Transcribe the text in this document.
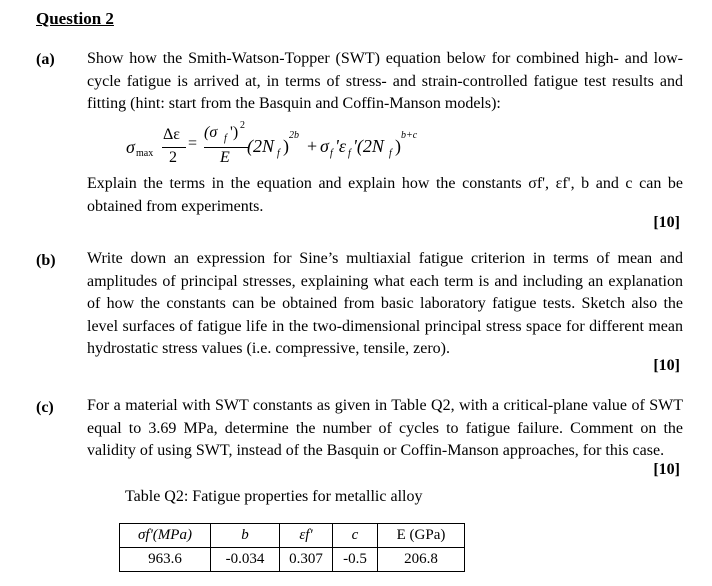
Question 2
(a) Show how the Smith-Watson-Topper (SWT) equation below for combined high- and low-cycle fatigue is arrived at, in terms of stress- and strain-controlled fatigue test results and fitting (hint: start from the Basquin and Coffin-Manson models):
σ max
Δε
2
=
(σ f ') 2
E
(2N f )
2b
+ σ f 'ε f '(2N f )
b+c
Explain the terms in the equation and explain how the constants σf', εf', b and c can be obtained from experiments.
[10]
(b) Write down an expression for Sine’s multiaxial fatigue criterion in terms of mean and amplitudes of principal stresses, explaining what each term is and including an explanation of how the constants can be obtained from basic laboratory fatigue tests. Sketch also the level surfaces of fatigue life in the two-dimensional principal stress space for different mean hydrostatic stress values (i.e. compressive, tensile, zero).
[10]
(c) For a material with SWT constants as given in Table Q2, with a critical-plane value of SWT equal to 3.69 MPa, determine the number of cycles to fatigue failure. Comment on the validity of using SWT, instead of the Basquin or Coffin-Manson approaches, for this case.
[10]
Table Q2: Fatigue properties for metallic alloy
σf'(MPa)	b	εf'	c	E (GPa)
963.6	-0.034	0.307	-0.5	206.8
